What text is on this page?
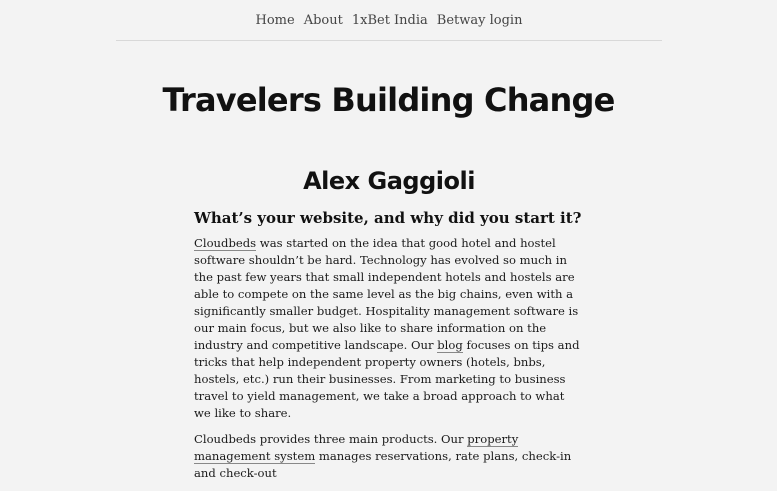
Home About 1xBet India Betway login
Travelers Building Change
Alex Gaggioli
What’s your website, and why did you start it?

Cloudbeds was started on the idea that good hotel and hostel software shouldn’t be hard. Technology has evolved so much in the past few years that small independent hotels and hostels are able to compete on the same level as the big chains, even with a significantly smaller budget. Hospitality management software is our main focus, but we also like to share information on the industry and competitive landscape. Our blog focuses on tips and tricks that help independent property owners (hotels, bnbs, hostels, etc.) run their businesses. From marketing to business travel to yield management, we take a broad approach to what we like to share.

Cloudbeds provides three main products. Our property management system manages reservations, rate plans, check-in and check-out
